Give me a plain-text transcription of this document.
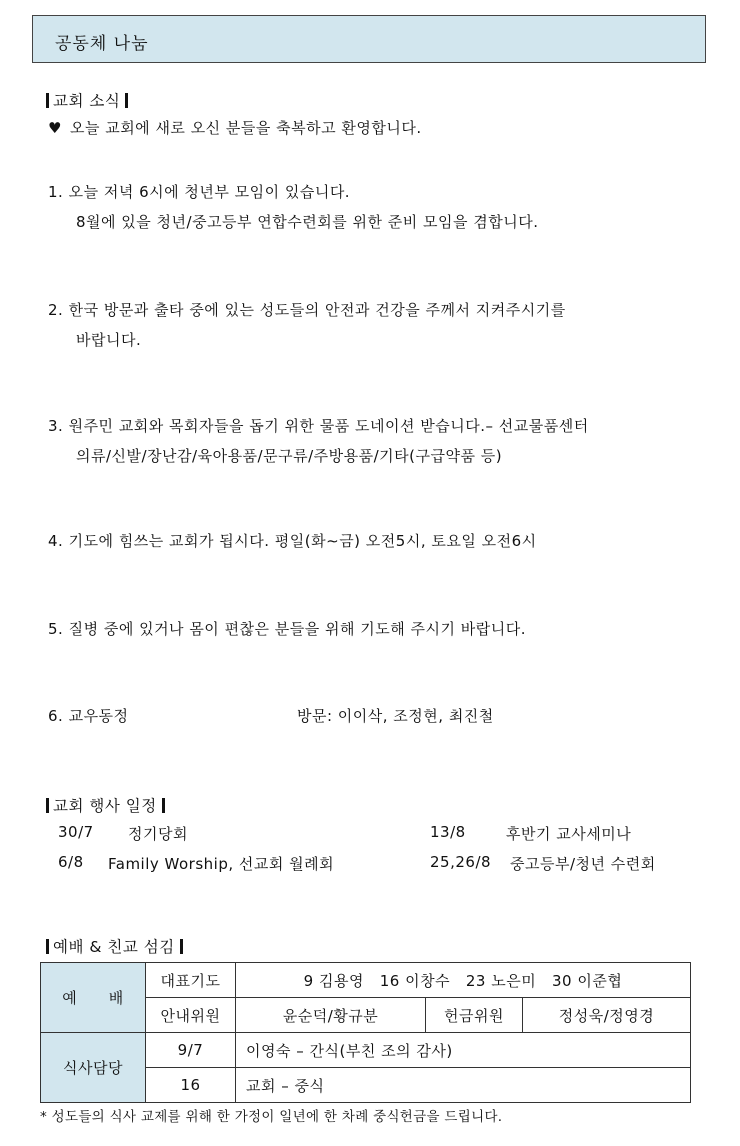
공동체 나눔
교회 소식
♥ 오늘 교회에 새로 오신 분들을 축복하고 환영합니다.
1. 오늘 저녁 6시에 청년부 모임이 있습니다.
8월에 있을 청년/중고등부 연합수련회를 위한 준비 모임을 겸합니다.
2. 한국 방문과 출타 중에 있는 성도들의 안전과 건강을 주께서 지켜주시기를
바랍니다.
3. 원주민 교회와 목회자들을 돕기 위한 물품 도네이션 받습니다.– 선교물품센터
의류/신발/장난감/육아용품/문구류/주방용품/기타(구급약품 등)
4. 기도에 힘쓰는 교회가 됩시다. 평일(화∼금) 오전5시, 토요일 오전6시
5. 질병 중에 있거나 몸이 편찮은 분들을 위해 기도해 주시기 바랍니다.
6. 교우동정	방문: 이이삭, 조정현, 최진철
교회 행사 일정
30/7 정기당회	13/8	후반기 교사세미나
6/8 Family Worship, 선교회 월례회	25,26/8 중고등부/청년 수련회
예배 & 친교 섬김
예      배	대표기도	9 김용영   16 이창수   23 노은미   30 이준협		
	안내위원	윤순덕/황규분	헌금위원	정성욱/정영경
식사담당	9/7	이영숙 – 간식(부친 조의 감사)		
	16	교회 – 중식		
* 성도들의 식사 교제를 위해 한 가정이 일년에 한 차례 중식헌금을 드립니다.
